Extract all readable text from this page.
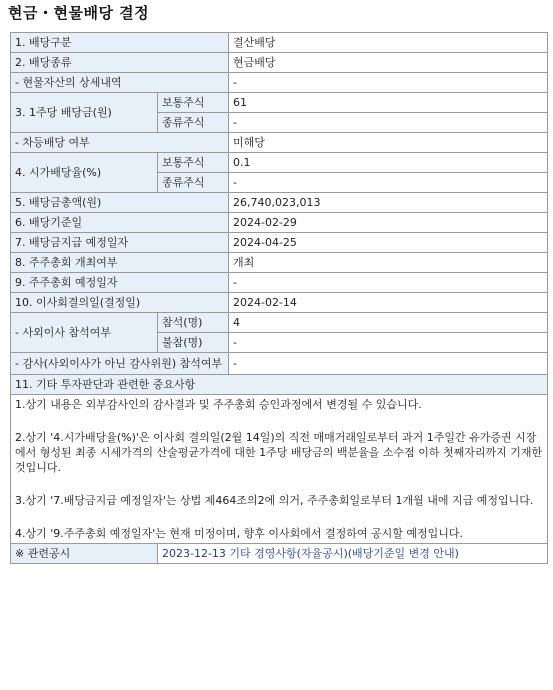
현금・현물배당 결정
1. 배당구분		결산배당
2. 배당종류		현금배당
- 현물자산의 상세내역		-
3. 1주당 배당금(원)	보통주식	61
	종류주식	-
- 차등배당 여부		미해당
4. 시가배당율(%)	보통주식	0.1
	종류주식	-
5. 배당금총액(원)		26,740,023,013
6. 배당기준일		2024-02-29
7. 배당금지급 예정일자		2024-04-25
8. 주주총회 개최여부		개최
9. 주주총회 예정일자		-
10. 이사회결의일(결정일)		2024-02-14
- 사외이사 참석여부	참석(명)	4
	불참(명)	-
- 감사(사외이사가 아닌 감사위원) 참석여부		-
11. 기타 투자판단과 관련한 중요사항		

1.상기 내용은 외부감사인의 감사결과 및 주주총회 승인과정에서 변경될 수 있습니다.

2.상기 '4.시가배당율(%)'은 이사회 결의일(2월 14일)의 직전 매매거래일로부터 과거 1주일간 유가증권 시장에서 형성된 최종 시세가격의 산술평균가격에 대한 1주당 배당금의 백분율을 소수점 이하 첫째자리까지 기재한 것입니다.

3.상기 '7.배당금지급 예정일자'는 상법 제464조의2에 의거, 주주총회일로부터 1개월 내에 지급 예정입니다.

4.상기 '9.주주총회 예정일자'는 현재 미정이며, 향후 이사회에서 결정하여 공시할 예정입니다.		

※ 관련공시	2023-12-13 기타 경영사항(자율공시)(배당기준일 변경 안내)	
